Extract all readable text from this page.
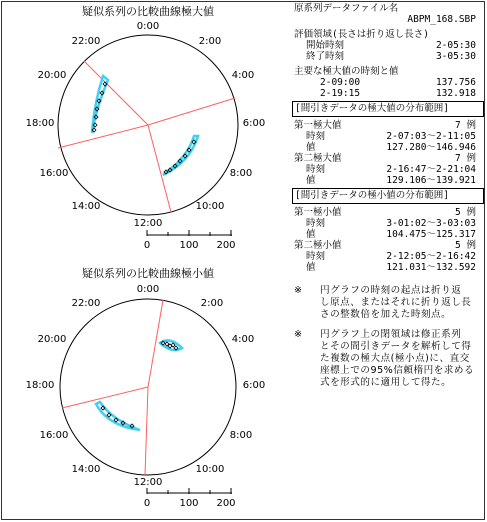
疑似系列の比較曲線極大値
0:00
2:00
4:00
6:00
8:00
10:00
12:00
14:00
16:00
18:00
20:00
22:00
0	100 200
疑似系列の比較曲線極小値
0:00
2:00
4:00
6:00
8:00
10:00
12:00
14:00
16:00
18:00
20:00
22:00
0	100 200
原系列データファイル名
ABPM_168.SBP
評価領域(長さは折り返し長さ)
開始時刻	2-05:30
終了時刻	3-05:30
主要な極大値の時刻と値
2-09:00	137.756
2-19:15	132.918
[間引きデータの極大値の分布範囲]
第一極大値	7 例
時刻	2-07:03～2-11:05
値	127.280～146.946
第二極大値	7 例
時刻	2-16:47～2-21:04
値	129.106～139.921
[間引きデータの極小値の分布範囲]
第一極小値	5 例
時刻	3-01:02～3-03:03
値	104.475～125.317
第二極小値	5 例
時刻	2-12:05～2-16:42
値	121.031～132.592
※ 円グラフの時刻の起点は折り返
し原点、またはそれに折り返し長
さの整数倍を加えた時刻点。
※ 円グラフ上の閉領域は修正系列
とその間引きデータを解析して得
た複数の極大点(極小点)に、直交
座標上での95%信頼楕円を求める
式を形式的に適用して得た。
